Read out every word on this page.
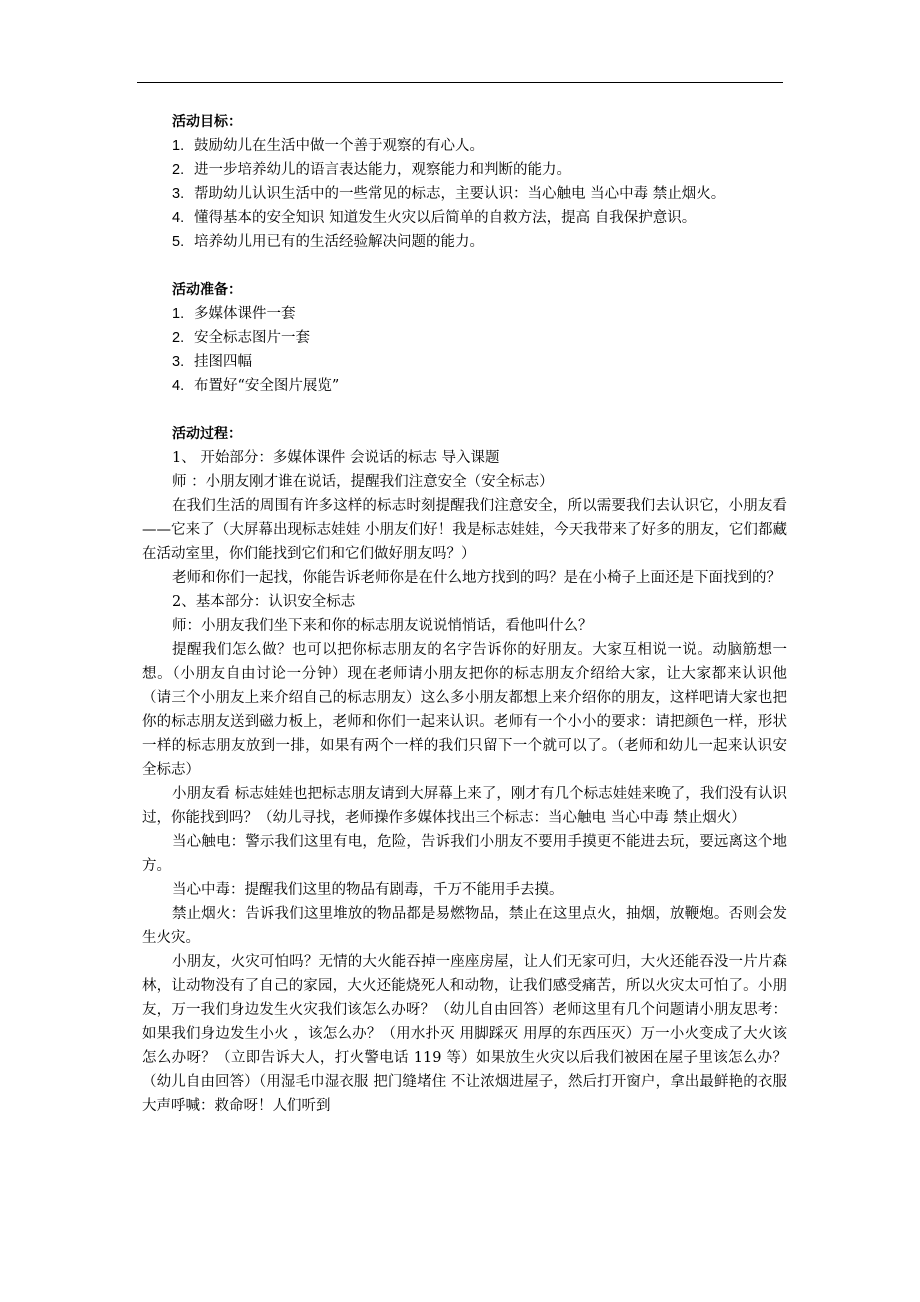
活动目标：

1. 鼓励幼儿在生活中做一个善于观察的有心人。

2. 进一步培养幼儿的语言表达能力，观察能力和判断的能力。

3. 帮助幼儿认识生活中的一些常见的标志，主要认识：当心触电 当心中毒 禁止烟火。

4. 懂得基本的安全知识 知道发生火灾以后简单的自救方法，提高 自我保护意识。

5. 培养幼儿用已有的生活经验解决问题的能力。

活动准备：

1. 多媒体课件一套

2. 安全标志图片一套

3. 挂图四幅

4. 布置好“安全图片展览”

活动过程：

1、 开始部分：多媒体课件 会说话的标志 导入课题

师 ：小朋友刚才谁在说话，提醒我们注意安全（安全标志）

在我们生活的周围有许多这样的标志时刻提醒我们注意安全，所以需要我们去认识它，小朋友看——它来了（大屏幕出现标志娃娃 小朋友们好！我是标志娃娃，今天我带来了好多的朋友，它们都藏在活动室里，你们能找到它们和它们做好朋友吗？）

老师和你们一起找，你能告诉老师你是在什么地方找到的吗？是在小椅子上面还是下面找到的？

2、基本部分：认识安全标志

师：小朋友我们坐下来和你的标志朋友说说悄悄话，看他叫什么？

提醒我们怎么做？也可以把你标志朋友的名字告诉你的好朋友。大家互相说一说。动脑筋想一想。（小朋友自由讨论一分钟）现在老师请小朋友把你的标志朋友介绍给大家，让大家都来认识他（请三个小朋友上来介绍自己的标志朋友）这么多小朋友都想上来介绍你的朋友，这样吧请大家也把你的标志朋友送到磁力板上，老师和你们一起来认识。老师有一个小小的要求：请把颜色一样，形状一样的标志朋友放到一排，如果有两个一样的我们只留下一个就可以了。（老师和幼儿一起来认识安全标志）

小朋友看 标志娃娃也把标志朋友请到大屏幕上来了，刚才有几个标志娃娃来晚了，我们没有认识过，你能找到吗？（幼儿寻找，老师操作多媒体找出三个标志：当心触电 当心中毒 禁止烟火）

当心触电：警示我们这里有电，危险，告诉我们小朋友不要用手摸更不能进去玩，要远离这个地方。

当心中毒：提醒我们这里的物品有剧毒，千万不能用手去摸。

禁止烟火：告诉我们这里堆放的物品都是易燃物品，禁止在这里点火，抽烟，放鞭炮。否则会发生火灾。

小朋友，火灾可怕吗？无情的大火能吞掉一座座房屋，让人们无家可归，大火还能吞没一片片森林，让动物没有了自己的家园，大火还能烧死人和动物，让我们感受痛苦，所以火灾太可怕了。小朋友，万一我们身边发生火灾我们该怎么办呀？（幼儿自由回答）老师这里有几个问题请小朋友思考：如果我们身边发生小火 ，该怎么办？（用水扑灭 用脚踩灭 用厚的东西压灭）万一小火变成了大火该怎么办呀？（立即告诉大人，打火警电话 119 等）如果放生火灾以后我们被困在屋子里该怎么办？（幼儿自由回答）（用湿毛巾湿衣服 把门缝堵住 不让浓烟进屋子，然后打开窗户，拿出最鲜艳的衣服大声呼喊：救命呀！人们听到
